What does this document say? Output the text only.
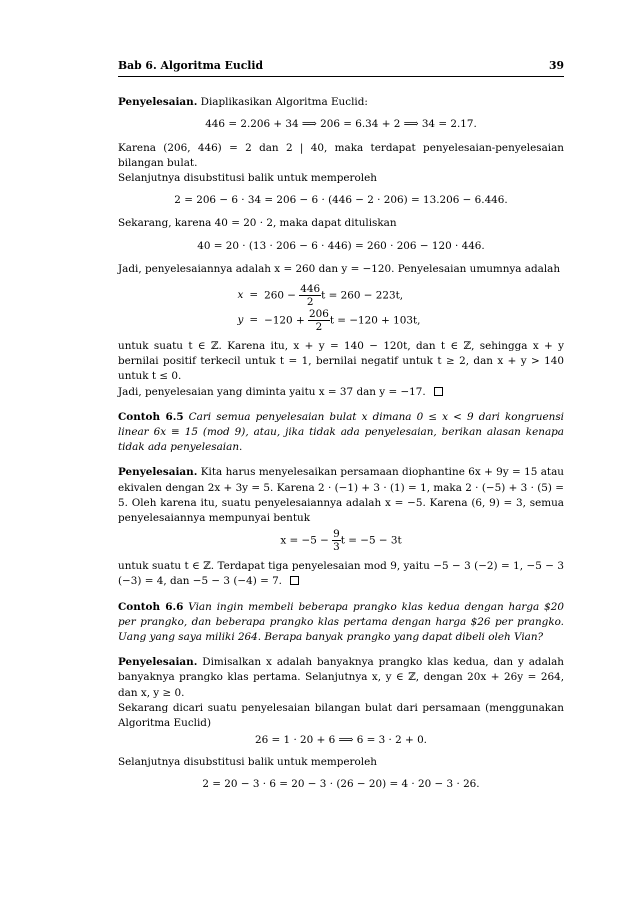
Bab 6. Algoritma Euclid	39

Penyelesaian. Diaplikasikan Algoritma Euclid:

446 = 2.206 + 34 ⟹ 206 = 6.34 + 2 ⟹ 34 = 2.17.

Karena (206, 446) = 2 dan 2 | 40, maka terdapat penyelesaian-penyelesaian bilangan bulat.

Selanjutnya disubstitusi balik untuk memperoleh

2 = 206 − 6 · 34 = 206 − 6 · (446 − 2 · 206) = 13.206 − 6.446.

Sekarang, karena 40 = 20 · 2, maka dapat dituliskan

40 = 20 · (13 · 206 − 6 · 446) = 260 · 206 − 120 · 446.

Jadi, penyelesaiannya adalah x = 260 dan y = −120. Penyelesaian umumnya adalah

x	=	$260 - \frac{446}{2}$ t = 260 − 223t,
y	=	$-120 + \frac{206}{2}$ t = −120 + 103t,

untuk suatu t ∈ ℤ. Karena itu, x + y = 140 − 120t, dan t ∈ ℤ, sehingga x + y bernilai positif terkecil untuk t = 1, bernilai negatif untuk t ≥ 2, dan x + y > 140 untuk t ≤ 0.

Jadi, penyelesaian yang diminta yaitu x = 37 dan y = −17.

Contoh 6.5 Cari semua penyelesaian bulat x dimana 0 ≤ x < 9 dari kongruensi linear 6x ≡ 15 (mod 9), atau, jika tidak ada penyelesaian, berikan alasan kenapa tidak ada penyelesaian.

Penyelesaian. Kita harus menyelesaikan persamaan diophantine 6x + 9y = 15 atau ekivalen dengan 2x + 3y = 5. Karena 2 · (−1) + 3 · (1) = 1, maka 2 · (−5) + 3 · (5) = 5. Oleh karena itu, suatu penyelesaiannya adalah x = −5. Karena (6, 9) = 3, semua penyelesaiannya mempunyai bentuk

$x = -5 - \frac{9}{3}$ t = −5 − 3t

untuk suatu t ∈ ℤ. Terdapat tiga penyelesaian mod 9, yaitu −5 − 3 (−2) = 1, −5 − 3 (−3) = 4, dan −5 − 3 (−4) = 7.

Contoh 6.6 Vian ingin membeli beberapa prangko klas kedua dengan harga $20 per prangko, dan beberapa prangko klas pertama dengan harga $26 per prangko. Uang yang saya miliki 264. Berapa banyak prangko yang dapat dibeli oleh Vian?

Penyelesaian. Dimisalkan x adalah banyaknya prangko klas kedua, dan y adalah banyaknya prangko klas pertama. Selanjutnya x, y ∈ ℤ, dengan 20x + 26y = 264, dan x, y ≥ 0.

Sekarang dicari suatu penyelesaian bilangan bulat dari persamaan (menggunakan Algoritma Euclid)

26 = 1 · 20 + 6 ⟹ 6 = 3 · 2 + 0.

Selanjutnya disubstitusi balik untuk memperoleh

2 = 20 − 3 · 6 = 20 − 3 · (26 − 20) = 4 · 20 − 3 · 26.
